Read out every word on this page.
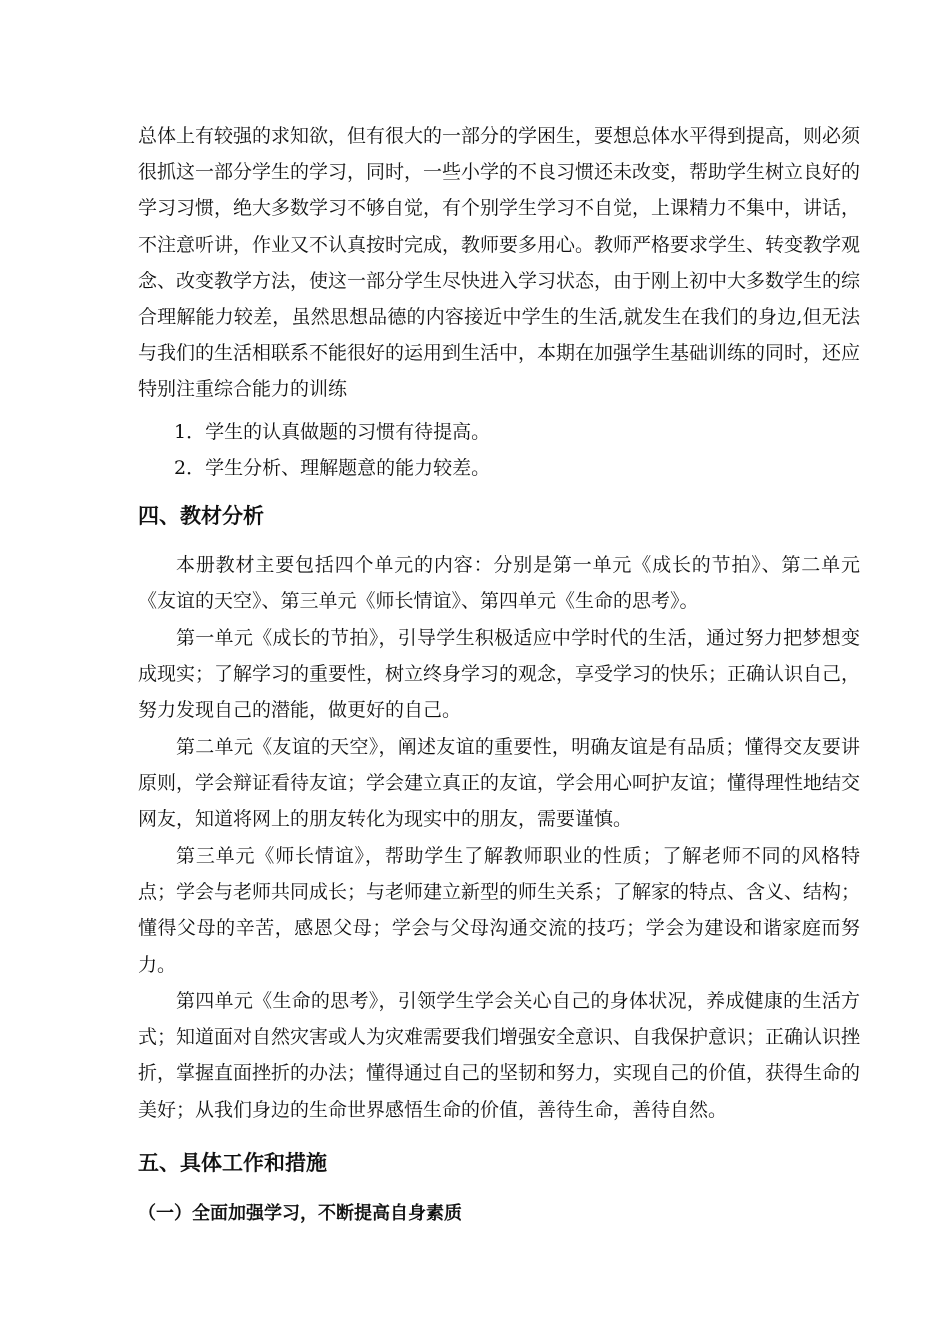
总体上有较强的求知欲，但有很大的一部分的学困生，要想总体水平得到提高，则必须很抓这一部分学生的学习，同时，一些小学的不良习惯还未改变，帮助学生树立良好的学习习惯，绝大多数学习不够自觉，有个别学生学习不自觉，上课精力不集中，讲话，不注意听讲，作业又不认真按时完成，教师要多用心。教师严格要求学生、转变教学观念、改变教学方法，使这一部分学生尽快进入学习状态，由于刚上初中大多数学生的综合理解能力较差，虽然思想品德的内容接近中学生的生活,就发生在我们的身边,但无法与我们的生活相联系不能很好的运用到生活中，本期在加强学生基础训练的同时，还应特别注重综合能力的训练

1．学生的认真做题的习惯有待提高。

2．学生分析、理解题意的能力较差。

四、教材分析

本册教材主要包括四个单元的内容：分别是第一单元《成长的节拍》、第二单元《友谊的天空》、第三单元《师长情谊》、第四单元《生命的思考》。

第一单元《成长的节拍》，引导学生积极适应中学时代的生活，通过努力把梦想变成现实；了解学习的重要性，树立终身学习的观念，享受学习的快乐；正确认识自己，努力发现自己的潜能，做更好的自己。

第二单元《友谊的天空》，阐述友谊的重要性，明确友谊是有品质；懂得交友要讲原则，学会辩证看待友谊；学会建立真正的友谊，学会用心呵护友谊；懂得理性地结交网友，知道将网上的朋友转化为现实中的朋友，需要谨慎。

第三单元《师长情谊》，帮助学生了解教师职业的性质；了解老师不同的风格特点；学会与老师共同成长；与老师建立新型的师生关系；了解家的特点、含义、结构；懂得父母的辛苦，感恩父母；学会与父母沟通交流的技巧；学会为建设和谐家庭而努力。

第四单元《生命的思考》，引领学生学会关心自己的身体状况，养成健康的生活方式；知道面对自然灾害或人为灾难需要我们增强安全意识、自我保护意识；正确认识挫折，掌握直面挫折的办法；懂得通过自己的坚韧和努力，实现自己的价值，获得生命的美好；从我们身边的生命世界感悟生命的价值，善待生命，善待自然。

五、具体工作和措施
（一）全面加强学习，不断提高自身素质
